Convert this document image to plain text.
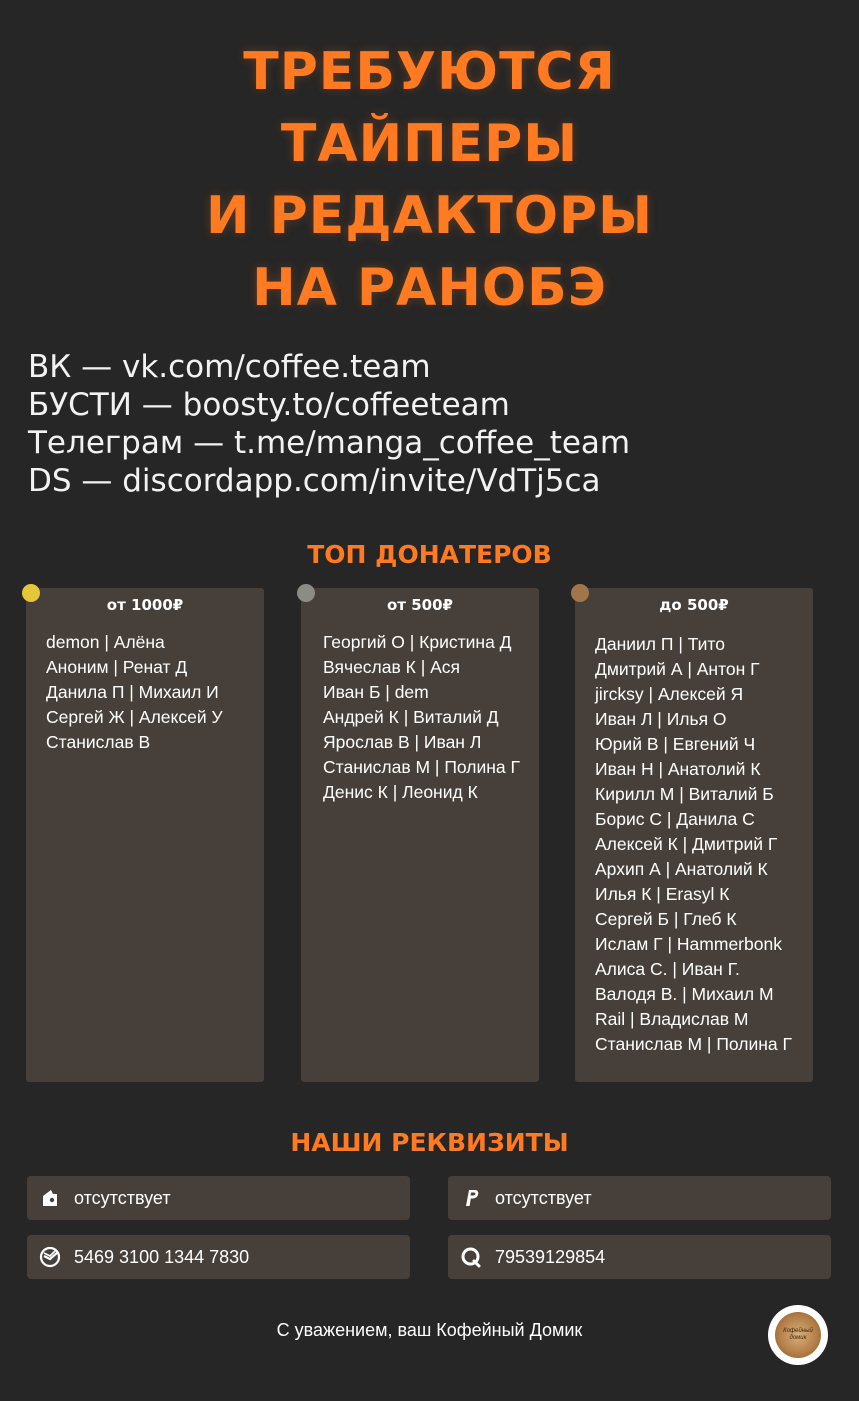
ТРЕБУЮТСЯ
ТАЙПЕРЫ
И РЕДАКТОРЫ
НА РАНОБЭ
ВК — vk.com/coffee.team
БУСТИ — boosty.to/coffeeteam
Телеграм — t.me/manga_coffee_team
DS — discordapp.com/invite/VdTj5ca
ТОП ДОНАТЕРОВ
от 1000₽
demon | Алёна
Аноним | Ренат Д
Данила П | Михаил И
Сергей Ж | Алексей У
Станислав В
от 500₽
Георгий О | Кристина Д
Вячеслав К | Ася
Иван Б | dem
Андрей К | Виталий Д
Ярослав В | Иван Л
Станислав М | Полина Г
Денис К | Леонид К
до 500₽
Даниил П | Тито
Дмитрий А | Антон Г
jircksy | Алексей Я
Иван Л | Илья О
Юрий В | Евгений Ч
Иван Н | Анатолий К
Кирилл М | Виталий Б
Борис С | Данила С
Алексей К | Дмитрий Г
Архип А | Анатолий К
Илья К | Erasyl К
Сергей Б | Глеб К
Ислам Г | Hammerbonk
Алиса С. | Иван Г.
Валодя В. | Михаил М
Rail | Владислав М
Станислав М | Полина Г
НАШИ РЕКВИЗИТЫ
отсутствует	отсутствует
5469 3100 1344 7830	79539129854
С уважением, ваш Кофейный Домик	Кофейный домик
